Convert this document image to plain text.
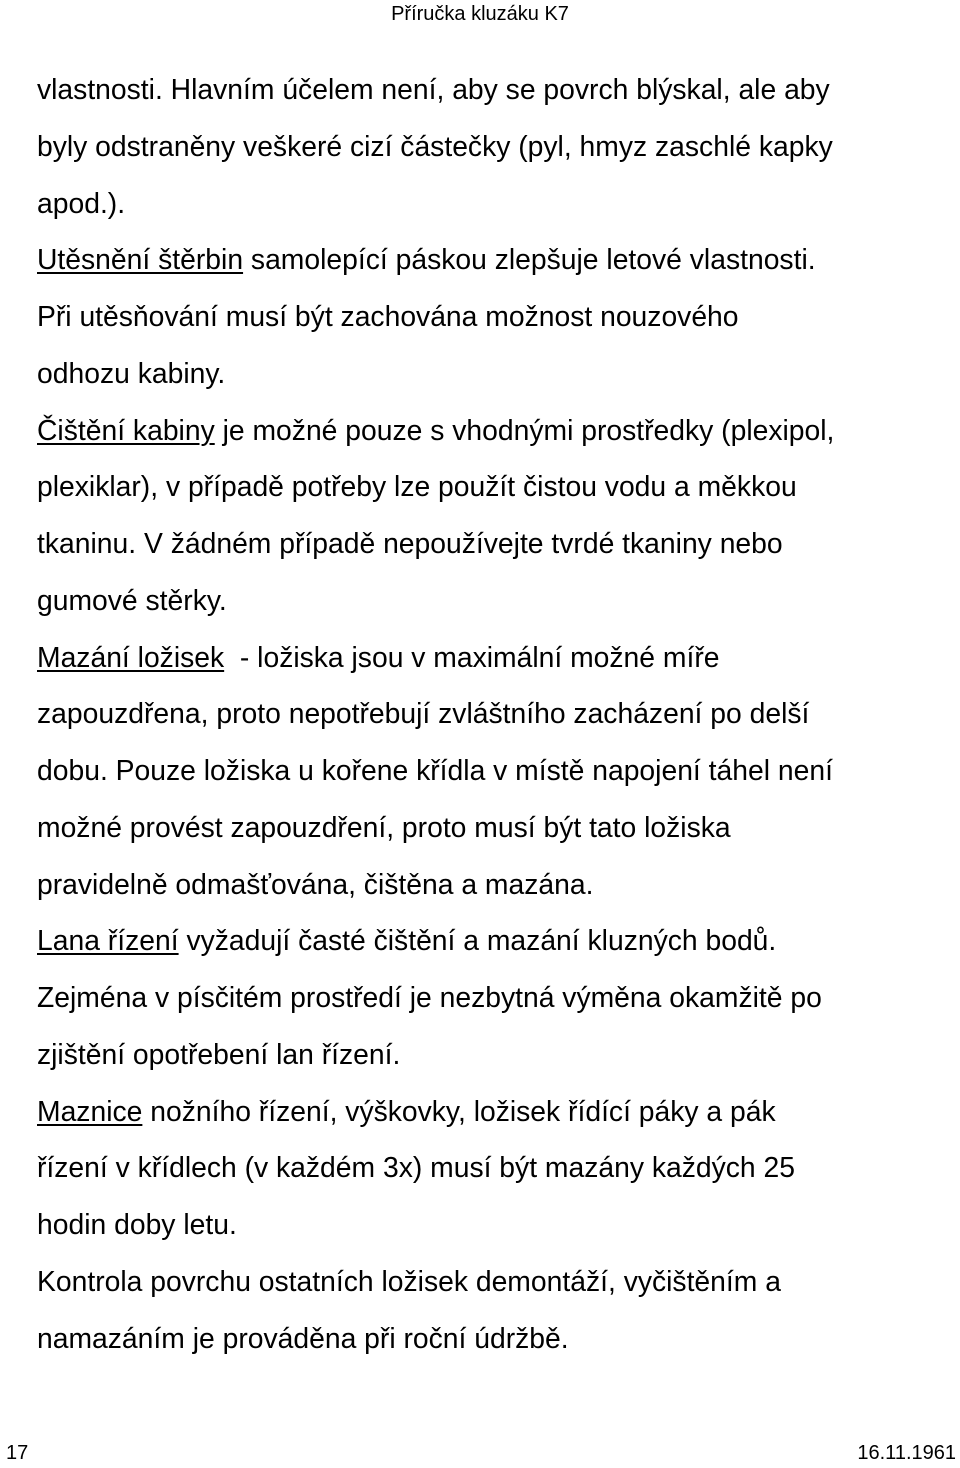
Příručka kluzáku K7
vlastnosti. Hlavním účelem není, aby se povrch blýskal, ale aby
byly odstraněny veškeré cizí částečky (pyl, hmyz zaschlé kapky
apod.).
Utěsnění štěrbin samolepící páskou zlepšuje letové vlastnosti.
Při utěsňování musí být zachována možnost nouzového
odhozu kabiny.
Čištění kabiny je možné pouze s vhodnými prostředky (plexipol,
plexiklar), v případě potřeby lze použít čistou vodu a měkkou
tkaninu. V žádném případě nepoužívejte tvrdé tkaniny nebo
gumové stěrky.
Mazání ložisek  - ložiska jsou v maximální možné míře
zapouzdřena, proto nepotřebují zvláštního zacházení po delší
dobu. Pouze ložiska u kořene křídla v místě napojení táhel není
možné provést zapouzdření, proto musí být tato ložiska
pravidelně odmašťována, čištěna a mazána.
Lana řízení vyžadují časté čištění a mazání kluzných bodů.
Zejména v písčitém prostředí je nezbytná výměna okamžitě po
zjištění opotřebení lan řízení.
Maznice nožního řízení, výškovky, ložisek řídící páky a pák
řízení v křídlech (v každém 3x) musí být mazány každých 25
hodin doby letu.
Kontrola povrchu ostatních ložisek demontáží, vyčištěním a
namazáním je prováděna při roční údržbě.
17	16.11.1961
